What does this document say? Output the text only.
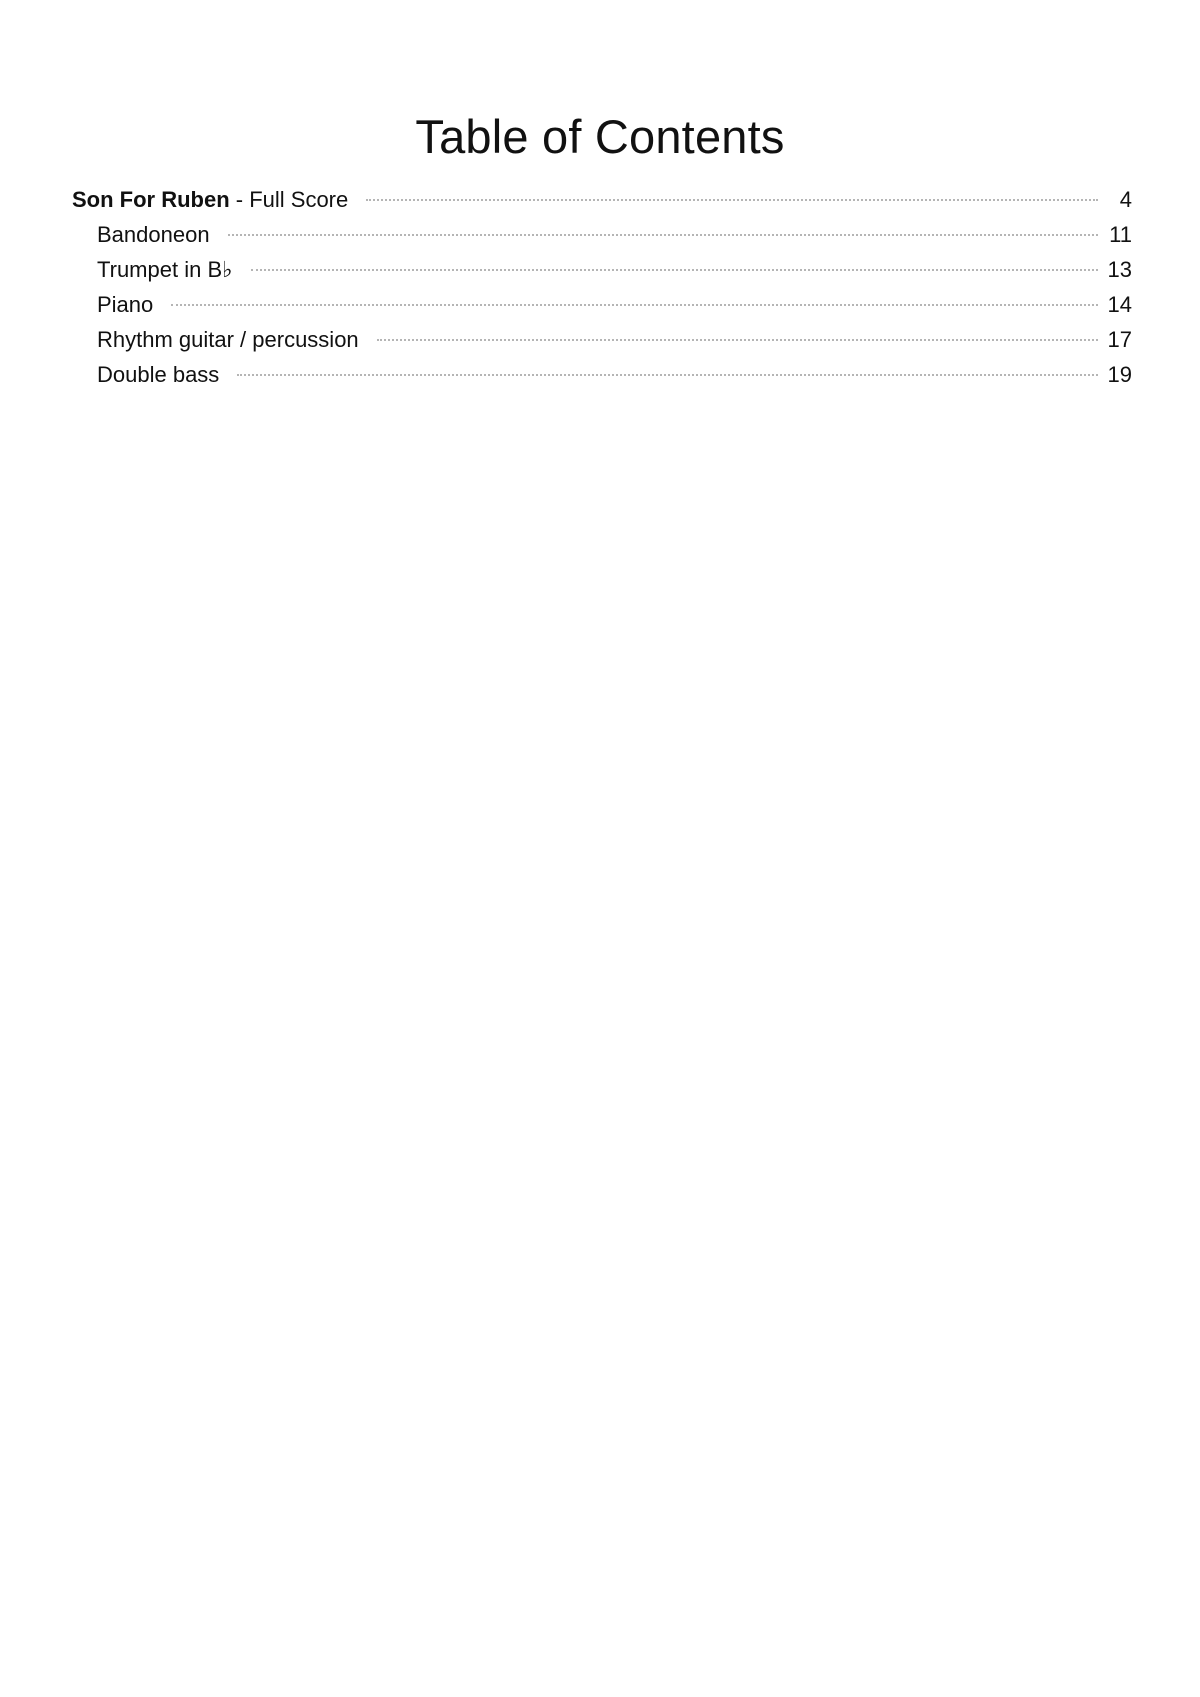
Table of Contents
Son For Ruben - Full Score	4
Bandoneon	11
Trumpet in B♭	13
Piano	14
Rhythm guitar / percussion	17
Double bass	19
